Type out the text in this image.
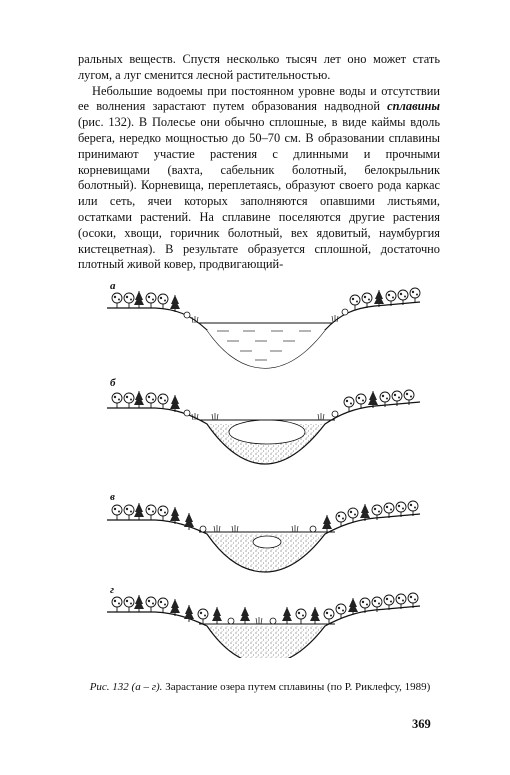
ральных веществ. Спустя несколько тысяч лет оно может стать лугом, а луг сменится лесной растительностью.

Небольшие водоемы при постоянном уровне воды и отсутствии ее волнения зарастают путем образования надводной сплавины (рис. 132). В Полесье они обычно сплошные, в виде каймы вдоль берега, нередко мощностью до 50–70 см. В образовании сплавины принимают участие растения с длинными и прочными корневищами (вахта, сабельник болотный, белокрыльник болотный). Корневища, переплетаясь, образуют своего рода каркас или сеть, ячеи которых заполняются опавшими листьями, остатками растений. На сплавине поселяются другие растения (осоки, хвощи, горичник болотный, вех ядовитый, наумбургия кистецветная). В результате образуется сплошной, достаточно плотный живой ковер, продвигающий-

а
б
в
г
Рис. 132 (а – г). Зарастание озера путем сплавины (по Р. Риклефсу, 1989)
369
